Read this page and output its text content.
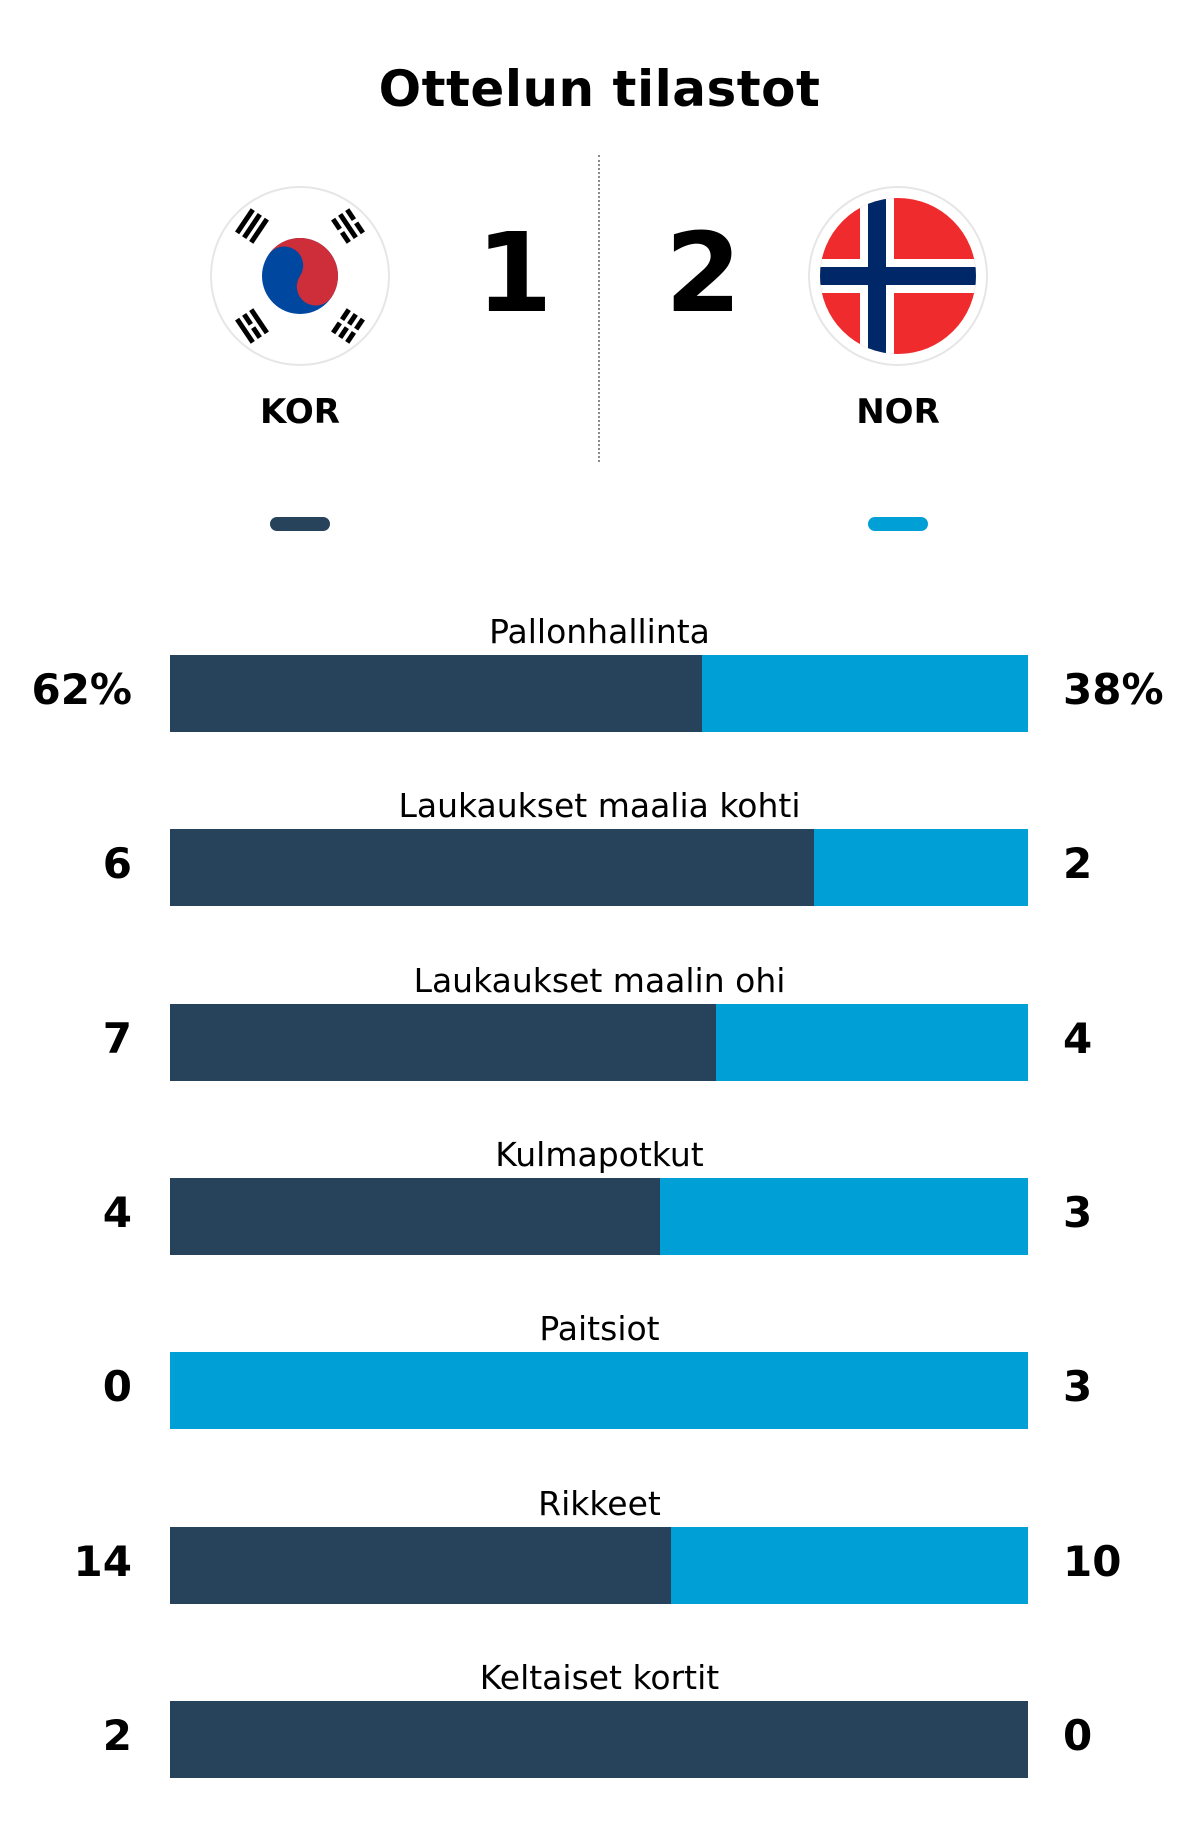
Ottelun tilastot
1 2
KOR	NOR
Pallonhallinta
62%	38%
Laukaukset maalia kohti
6	2
Laukaukset maalin ohi
7	4
Kulmapotkut
4	3
Paitsiot
0	3
Rikkeet
14	10
Keltaiset kortit
2	0
